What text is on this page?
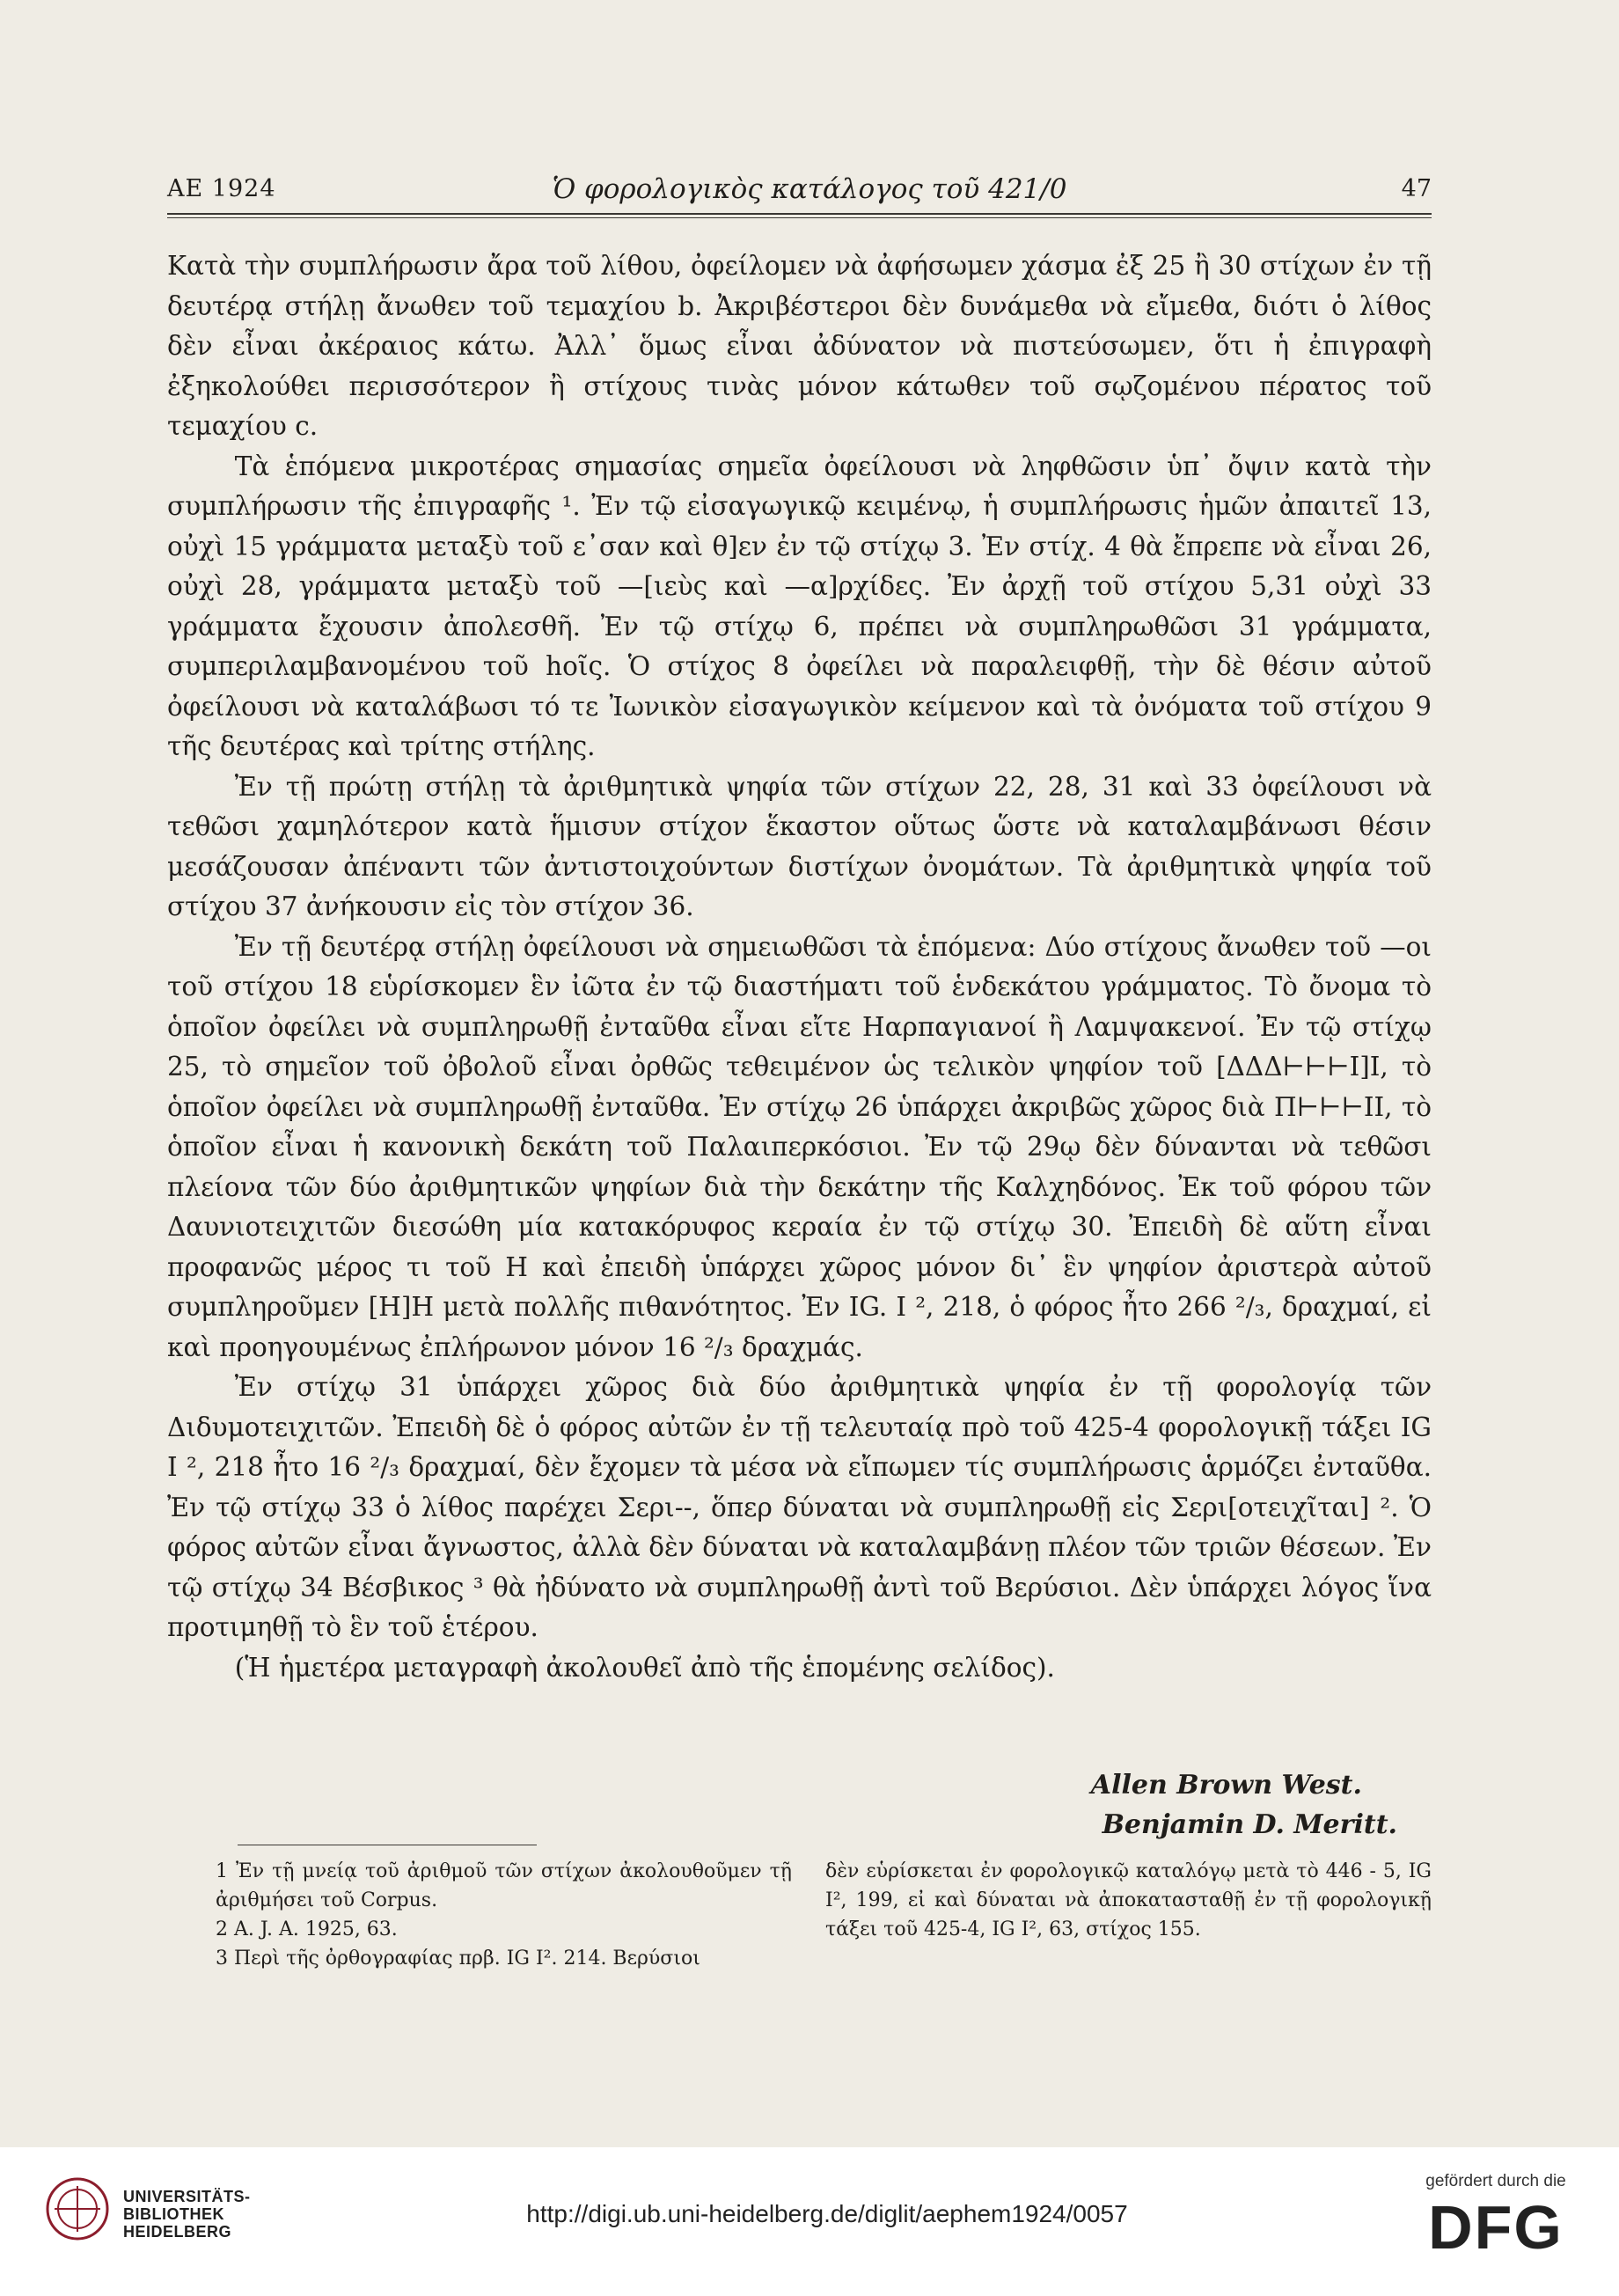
ΑΕ 1924	Ὁ φορολογικὸς κατάλογος τοῦ 421/0	47

Κατὰ τὴν συμπλήρωσιν ἄρα τοῦ λίθου, ὀφείλομεν νὰ ἀφήσωμεν χάσμα ἐξ 25 ἢ 30 στίχων ἐν τῇ δευτέρᾳ στήλῃ ἄνωθεν τοῦ τεμαχίου b. Ἀκριβέστεροι δὲν δυνάμεθα νὰ εἴμεθα, διότι ὁ λίθος δὲν εἶναι ἀκέραιος κάτω. Ἀλλ᾽ ὅμως εἶναι ἀδύνατον νὰ πιστεύσωμεν, ὅτι ἡ ἐπιγραφὴ ἐξηκολούθει περισσότερον ἢ στίχους τινὰς μόνον κάτωθεν τοῦ σῳζομένου πέρατος τοῦ τεμαχίου c.

Τὰ ἑπόμενα μικροτέρας σημασίας σημεῖα ὀφείλουσι νὰ ληφθῶσιν ὑπ᾽ ὄψιν κατὰ τὴν συμπλήρωσιν τῆς ἐπιγραφῆς ¹. Ἐν τῷ εἰσαγωγικῷ κειμένῳ, ἡ συμπλήρωσις ἡμῶν ἀπαιτεῖ 13, οὐχὶ 15 γράμματα μεταξὺ τοῦ ε᾽σαν καὶ θ]εν ἐν τῷ στίχῳ 3. Ἐν στίχ. 4 θὰ ἔπρεπε νὰ εἶναι 26, οὐχὶ 28, γράμματα μεταξὺ τοῦ —[ιεὺς καὶ —α]ρχίδες. Ἐν ἀρχῇ τοῦ στίχου 5,31 οὐχὶ 33 γράμματα ἔχουσιν ἀπολεσθῆ. Ἐν τῷ στίχῳ 6, πρέπει νὰ συμπληρωθῶσι 31 γράμματα, συμπεριλαμβανομένου τοῦ hοῖς. Ὁ στίχος 8 ὀφείλει νὰ παραλειφθῇ, τὴν δὲ θέσιν αὐτοῦ ὀφείλουσι νὰ καταλάβωσι τό τε Ἰωνικὸν εἰσαγωγικὸν κείμενον καὶ τὰ ὀνόματα τοῦ στίχου 9 τῆς δευτέρας καὶ τρίτης στήλης.

Ἐν τῇ πρώτῃ στήλῃ τὰ ἀριθμητικὰ ψηφία τῶν στίχων 22, 28, 31 καὶ 33 ὀφείλουσι νὰ τεθῶσι χαμηλότερον κατὰ ἥμισυν στίχον ἕκαστον οὕτως ὥστε νὰ καταλαμβάνωσι θέσιν μεσάζουσαν ἀπέναντι τῶν ἀντιστοιχούντων διστίχων ὀνομάτων. Τὰ ἀριθμητικὰ ψηφία τοῦ στίχου 37 ἀνήκουσιν εἰς τὸν στίχον 36.

Ἐν τῇ δευτέρᾳ στήλῃ ὀφείλουσι νὰ σημειωθῶσι τὰ ἑπόμενα: Δύο στίχους ἄνωθεν τοῦ —οι τοῦ στίχου 18 εὑρίσκομεν ἓν ἰῶτα ἐν τῷ διαστήματι τοῦ ἑνδεκάτου γράμματος. Τὸ ὄνομα τὸ ὁποῖον ὀφείλει νὰ συμπληρωθῇ ἐνταῦθα εἶναι εἴτε Ηαρπαγιανοί ἢ Λαμψακενοί. Ἐν τῷ στίχῳ 25, τὸ σημεῖον τοῦ ὀβολοῦ εἶναι ὀρθῶς τεθειμένον ὡς τελικὸν ψηφίον τοῦ [ΔΔΔ⊢⊢⊢I]I, τὸ ὁποῖον ὀφείλει νὰ συμπληρωθῇ ἐνταῦθα. Ἐν στίχῳ 26 ὑπάρχει ἀκριβῶς χῶρος διὰ Π⊢⊢⊢II, τὸ ὁποῖον εἶναι ἡ κανονικὴ δεκάτη τοῦ Παλαιπερκόσιοι. Ἐν τῷ 29ῳ δὲν δύνανται νὰ τεθῶσι πλείονα τῶν δύο ἀριθμητικῶν ψηφίων διὰ τὴν δεκάτην τῆς Καλχηδόνος. Ἐκ τοῦ φόρου τῶν Δαυνιοτειχιτῶν διεσώθη μία κατακόρυφος κεραία ἐν τῷ στίχῳ 30. Ἐπειδὴ δὲ αὕτη εἶναι προφανῶς μέρος τι τοῦ Η καὶ ἐπειδὴ ὑπάρχει χῶρος μόνον δι᾽ ἓν ψηφίον ἀριστερὰ αὐτοῦ συμπληροῦμεν [Η]Η μετὰ πολλῆς πιθανότητος. Ἐν IG. I ², 218, ὁ φόρος ἦτο 266 ²/₃, δραχμαί, εἰ καὶ προηγουμένως ἐπλήρωνον μόνον 16 ²/₃ δραχμάς.

Ἐν στίχῳ 31 ὑπάρχει χῶρος διὰ δύο ἀριθμητικὰ ψηφία ἐν τῇ φορολογίᾳ τῶν Διδυμοτειχιτῶν. Ἐπειδὴ δὲ ὁ φόρος αὐτῶν ἐν τῇ τελευταίᾳ πρὸ τοῦ 425-4 φορολογικῇ τάξει IG I ², 218 ἦτο 16 ²/₃ δραχμαί, δὲν ἔχομεν τὰ μέσα νὰ εἴπωμεν τίς συμπλήρωσις ἁρμόζει ἐνταῦθα. Ἐν τῷ στίχῳ 33 ὁ λίθος παρέχει Σερι--, ὅπερ δύναται νὰ συμπληρωθῇ εἰς Σερι[οτειχῖται] ². Ὁ φόρος αὐτῶν εἶναι ἄγνωστος, ἀλλὰ δὲν δύναται νὰ καταλαμβάνῃ πλέον τῶν τριῶν θέσεων. Ἐν τῷ στίχῳ 34 Βέσβικος ³ θὰ ἠδύνατο νὰ συμπληρωθῇ ἀντὶ τοῦ Βερύσιοι. Δὲν ὑπάρχει λόγος ἵνα προτιμηθῇ τὸ ἓν τοῦ ἑτέρου.

(Ἡ ἡμετέρα μεταγραφὴ ἀκολουθεῖ ἀπὸ τῆς ἑπομένης σελίδος).

Allen Brown West.
Benjamin D. Meritt.

1 Ἐν τῇ μνείᾳ τοῦ ἀριθμοῦ τῶν στίχων ἀκολουθοῦμεν τῇ ἀριθμήσει τοῦ Corpus.

2 A. J. A. 1925, 63.

3 Περὶ τῆς ὀρθογραφίας πρβ. IG I². 214. Βερύσιοι

δὲν εὑρίσκεται ἐν φορολογικῷ καταλόγῳ μετὰ τὸ 446 - 5, IG I², 199, εἰ καὶ δύναται νὰ ἀποκατασταθῇ ἐν τῇ φορολογικῇ τάξει τοῦ 425-4, IG I², 63, στίχος 155.

UNIVERSITÄTS-
BIBLIOTHEK
HEIDELBERG
http://digi.ub.uni-heidelberg.de/diglit/aephem1924/0057
gefördert durch die
DFG
